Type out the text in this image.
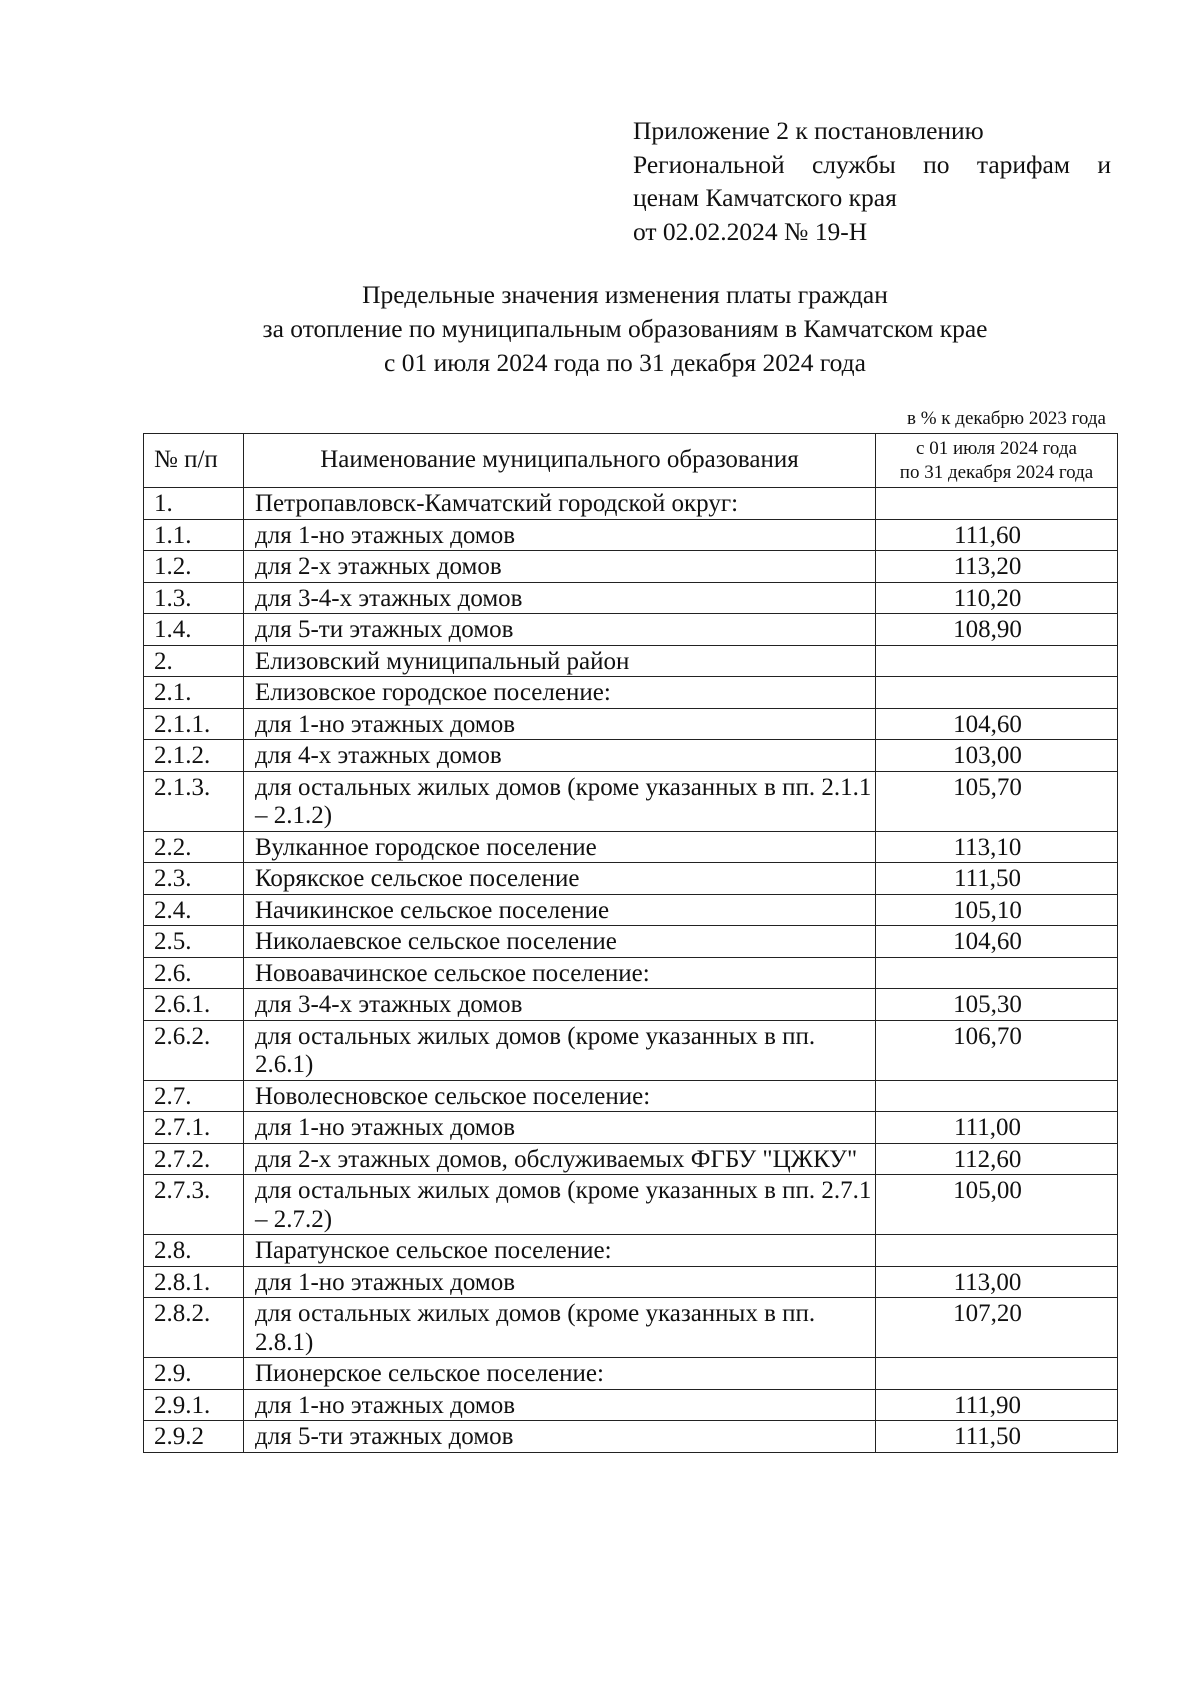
Приложение 2 к постановлению
Региональной службы по тарифам и
ценам Камчатского края
от 02.02.2024 № 19-Н
Предельные значения изменения платы граждан
за отопление по муниципальным образованиям в Камчатском крае
с 01 июля 2024 года по 31 декабря 2024 года
в % к декабрю 2023 года
№ п/п	Наименование муниципального образования	с 01 июля 2024 года
по 31 декабря 2024 года

1.	Петропавловск-Камчатский городской округ:	
1.1.	для 1-но этажных домов	111,60
1.2.	для 2-х этажных домов	113,20
1.3.	для 3-4-х этажных домов	110,20
1.4.	для 5-ти этажных домов	108,90
2.	Елизовский муниципальный район	
2.1.	Елизовское городское поселение:	
2.1.1.	для 1-но этажных домов	104,60
2.1.2.	для 4-х этажных домов	103,00
2.1.3.	для остальных жилых домов (кроме указанных в пп. 2.1.1 – 2.1.2)	105,70
2.2.	Вулканное городское поселение	113,10
2.3.	Корякское сельское поселение	111,50
2.4.	Начикинское сельское поселение	105,10
2.5.	Николаевское сельское поселение	104,60
2.6.	Новоавачинское сельское поселение:	
2.6.1.	для 3-4-х этажных домов	105,30
2.6.2.	для остальных жилых домов (кроме указанных в пп. 2.6.1)	106,70
2.7.	Новолесновское сельское поселение:	
2.7.1.	для 1-но этажных домов	111,00
2.7.2.	для 2-х этажных домов, обслуживаемых ФГБУ "ЦЖКУ"	112,60
2.7.3.	для остальных жилых домов (кроме указанных в пп. 2.7.1 – 2.7.2)	105,00
2.8.	Паратунское сельское поселение:	
2.8.1.	для 1-но этажных домов	113,00
2.8.2.	для остальных жилых домов (кроме указанных в пп. 2.8.1)	107,20
2.9.	Пионерское сельское поселение:	
2.9.1.	для 1-но этажных домов	111,90
2.9.2	для 5-ти этажных домов	111,50
